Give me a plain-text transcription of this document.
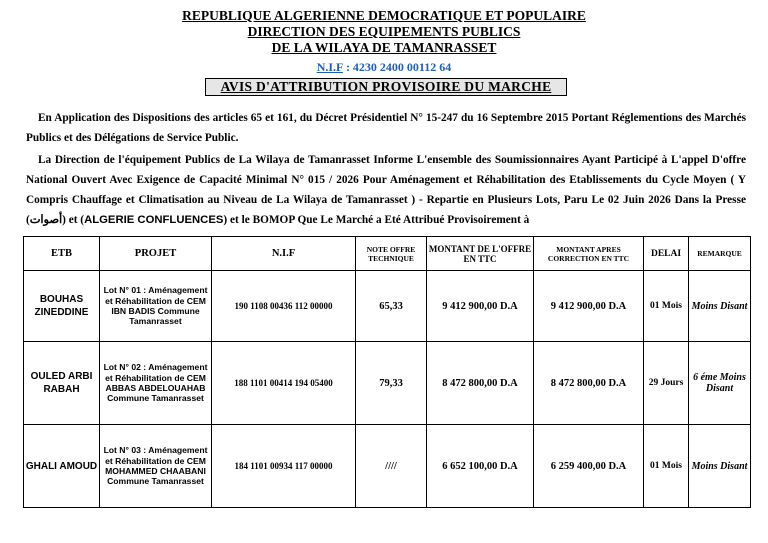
REPUBLIQUE ALGERIENNE DEMOCRATIQUE ET POPULAIRE
DIRECTION DES EQUIPEMENTS PUBLICS
DE LA WILAYA DE TAMANRASSET
N.I.F : 4230 2400 00112 64
AVIS D'ATTRIBUTION PROVISOIRE DU MARCHE
En Application des Dispositions des articles 65 et 161, du Décret Présidentiel N° 15-247 du 16 Septembre 2015 Portant Réglementions des Marchés Publics et des Délégations de Service Public.
La Direction de l'équipement Publics de La Wilaya de Tamanrasset Informe L'ensemble des Soumissionnaires Ayant Participé à L'appel D'offre National Ouvert Avec Exigence de Capacité Minimal N° 015 / 2026 Pour Aménagement et Réhabilitation des Etablissements du Cycle Moyen ( Y Compris Chauffage et Climatisation au Niveau de La Wilaya de Tamanrasset ) - Repartie en Plusieurs Lots, Paru Le 02 Juin 2026 Dans la Presse (أصوات) et (ALGERIE CONFLUENCES) et le BOMOP Que Le Marché a Eté Attribué Provisoirement à
ETB	PROJET	N.I.F	NOTE OFFRE TECHNIQUE	MONTANT DE L'OFFRE EN TTC	MONTANT APRES CORRECTION EN TTC	DELAI	REMARQUE
BOUHAS ZINEDDINE	Lot N° 01 : Aménagement et Réhabilitation de CEM IBN BADIS Commune Tamanrasset	190 1108 00436 112 00000	65,33	9 412 900,00 D.A	9 412 900,00 D.A	01 Mois	Moins Disant
OULED ARBI RABAH	Lot N° 02 : Aménagement et Réhabilitation de CEM ABBAS ABDELOUAHAB Commune Tamanrasset	188 1101 00414 194 05400	79,33	8 472 800,00 D.A	8 472 800,00 D.A	29 Jours	6 éme Moins Disant
GHALI AMOUD	Lot N° 03 : Aménagement et Réhabilitation de CEM MOHAMMED CHAABANI Commune Tamanrasset	184 1101 00934 117 00000	////	6 652 100,00 D.A	6 259 400,00 D.A	01 Mois	Moins Disant
